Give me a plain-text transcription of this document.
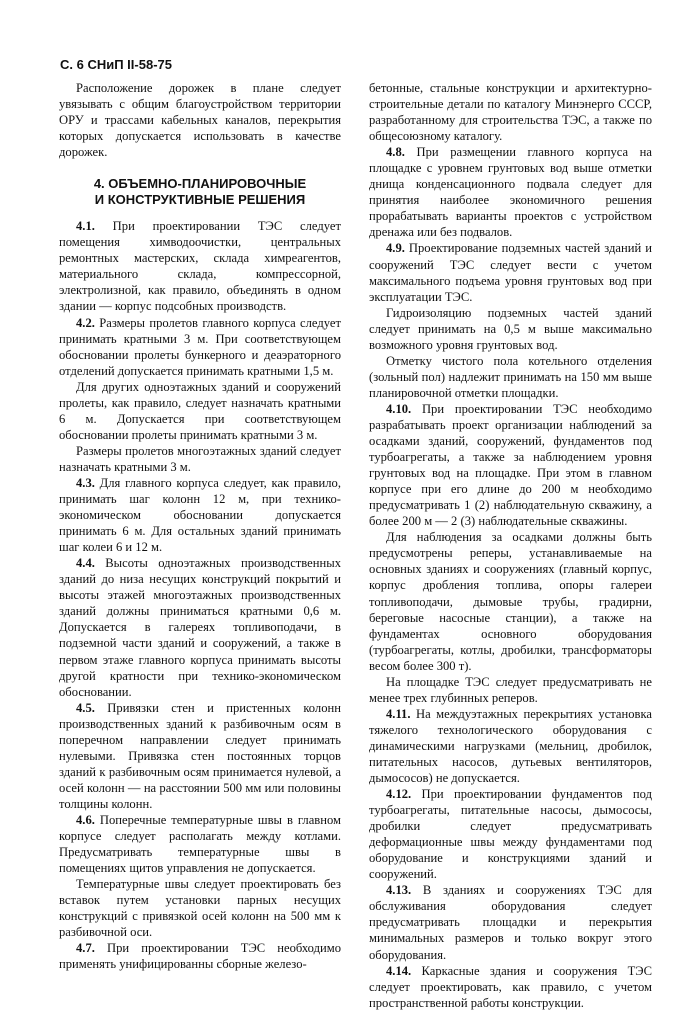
С. 6 СНиП II-58-75

Расположение дорожек в плане следует увязывать с общим благоустройством территории ОРУ и трассами кабельных каналов, перекрытия которых допускается использовать в качестве дорожек.

4. ОБЪЕМНО-ПЛАНИРОВОЧНЫЕ
И КОНСТРУКТИВНЫЕ РЕШЕНИЯ

4.1. При проектировании ТЭС следует помещения химводоочистки, центральных ремонтных мастерских, склада химреагентов, материального склада, компрессорной, электролизной, как правило, объединять в одном здании — корпус подсобных производств.

4.2. Размеры пролетов главного корпуса следует принимать кратными 3 м. При соответствующем обосновании пролеты бункерного и деаэраторного отделений допускается принимать кратными 1,5 м.

Для других одноэтажных зданий и сооружений пролеты, как правило, следует назначать кратными 6 м. Допускается при соответствующем обосновании пролеты принимать кратными 3 м.

Размеры пролетов многоэтажных зданий следует назначать кратными 3 м.

4.3. Для главного корпуса следует, как правило, принимать шаг колонн 12 м, при технико-экономическом обосновании допускается принимать 6 м. Для остальных зданий принимать шаг колеи 6 и 12 м.

4.4. Высоты одноэтажных производственных зданий до низа несущих конструкций покрытий и высоты этажей многоэтажных производственных зданий должны приниматься кратными 0,6 м. Допускается в галереях топливоподачи, в подземной части зданий и сооружений, а также в первом этаже главного корпуса принимать высоты другой кратности при технико-экономическом обосновании.

4.5. Привязки стен и пристенных колонн производственных зданий к разбивочным осям в поперечном направлении следует принимать нулевыми. Привязка стен постоянных торцов зданий к разбивочным осям принимается нулевой, а осей колонн — на расстоянии 500 мм или половины толщины колонн.

4.6. Поперечные температурные швы в главном корпусе следует располагать между котлами. Предусматривать температурные швы в помещениях щитов управления не допускается.

Температурные швы следует проектировать без вставок путем установки парных несущих конструкций с привязкой осей колонн на 500 мм к разбивочной оси.

4.7. При проектировании ТЭС необходимо применять унифицированны сборные железо-

бетонные, стальные конструкции и архитектурно-строительные детали по каталогу Минэнерго СССР, разработанному для строительства ТЭС, а также по общесоюзному каталогу.

4.8. При размещении главного корпуса на площадке с уровнем грунтовых вод выше отметки днища конденсационного подвала следует для принятия наиболее экономичного решения прорабатывать варианты проектов с устройством дренажа или без подвалов.

4.9. Проектирование подземных частей зданий и сооружений ТЭС следует вести с учетом максимального подъема уровня грунтовых вод при эксплуатации ТЭС.

Гидроизоляцию подземных частей зданий следует принимать на 0,5 м выше максимально возможного уровня грунтовых вод.

Отметку чистого пола котельного отделения (зольный пол) надлежит принимать на 150 мм выше планировочной отметки площадки.

4.10. При проектировании ТЭС необходимо разрабатывать проект организации наблюдений за осадками зданий, сооружений, фундаментов под турбоагрегаты, а также за наблюдением уровня грунтовых вод на площадке. При этом в главном корпусе при его длине до 200 м необходимо предусматривать 1 (2) наблюдательную скважину, а более 200 м — 2 (3) наблюдательные скважины.

Для наблюдения за осадками должны быть предусмотрены реперы, устанавливаемые на основных зданиях и сооружениях (главный корпус, корпус дробления топлива, опоры галереи топливоподачи, дымовые трубы, градирни, береговые насосные станции), а также на фундаментах основного оборудования (турбоагрегаты, котлы, дробилки, трансформаторы весом более 300 т).

На площадке ТЭС следует предусматривать не менее трех глубинных реперов.

4.11. На междуэтажных перекрытиях установка тяжелого технологического оборудования с динамическими нагрузками (мельниц, дробилок, питательных насосов, дутьевых вентиляторов, дымососов) не допускается.

4.12. При проектировании фундаментов под турбоагрегаты, питательные насосы, дымососы, дробилки следует предусматривать деформационные швы между фундаментами под оборудование и конструкциями зданий и сооружений.

4.13. В зданиях и сооружениях ТЭС для обслуживания оборудования следует предусматривать площадки и перекрытия минимальных размеров и только вокруг этого оборудования.

4.14. Каркасные здания и сооружения ТЭС следует проектировать, как правило, с учетом пространственной работы конструкции.
